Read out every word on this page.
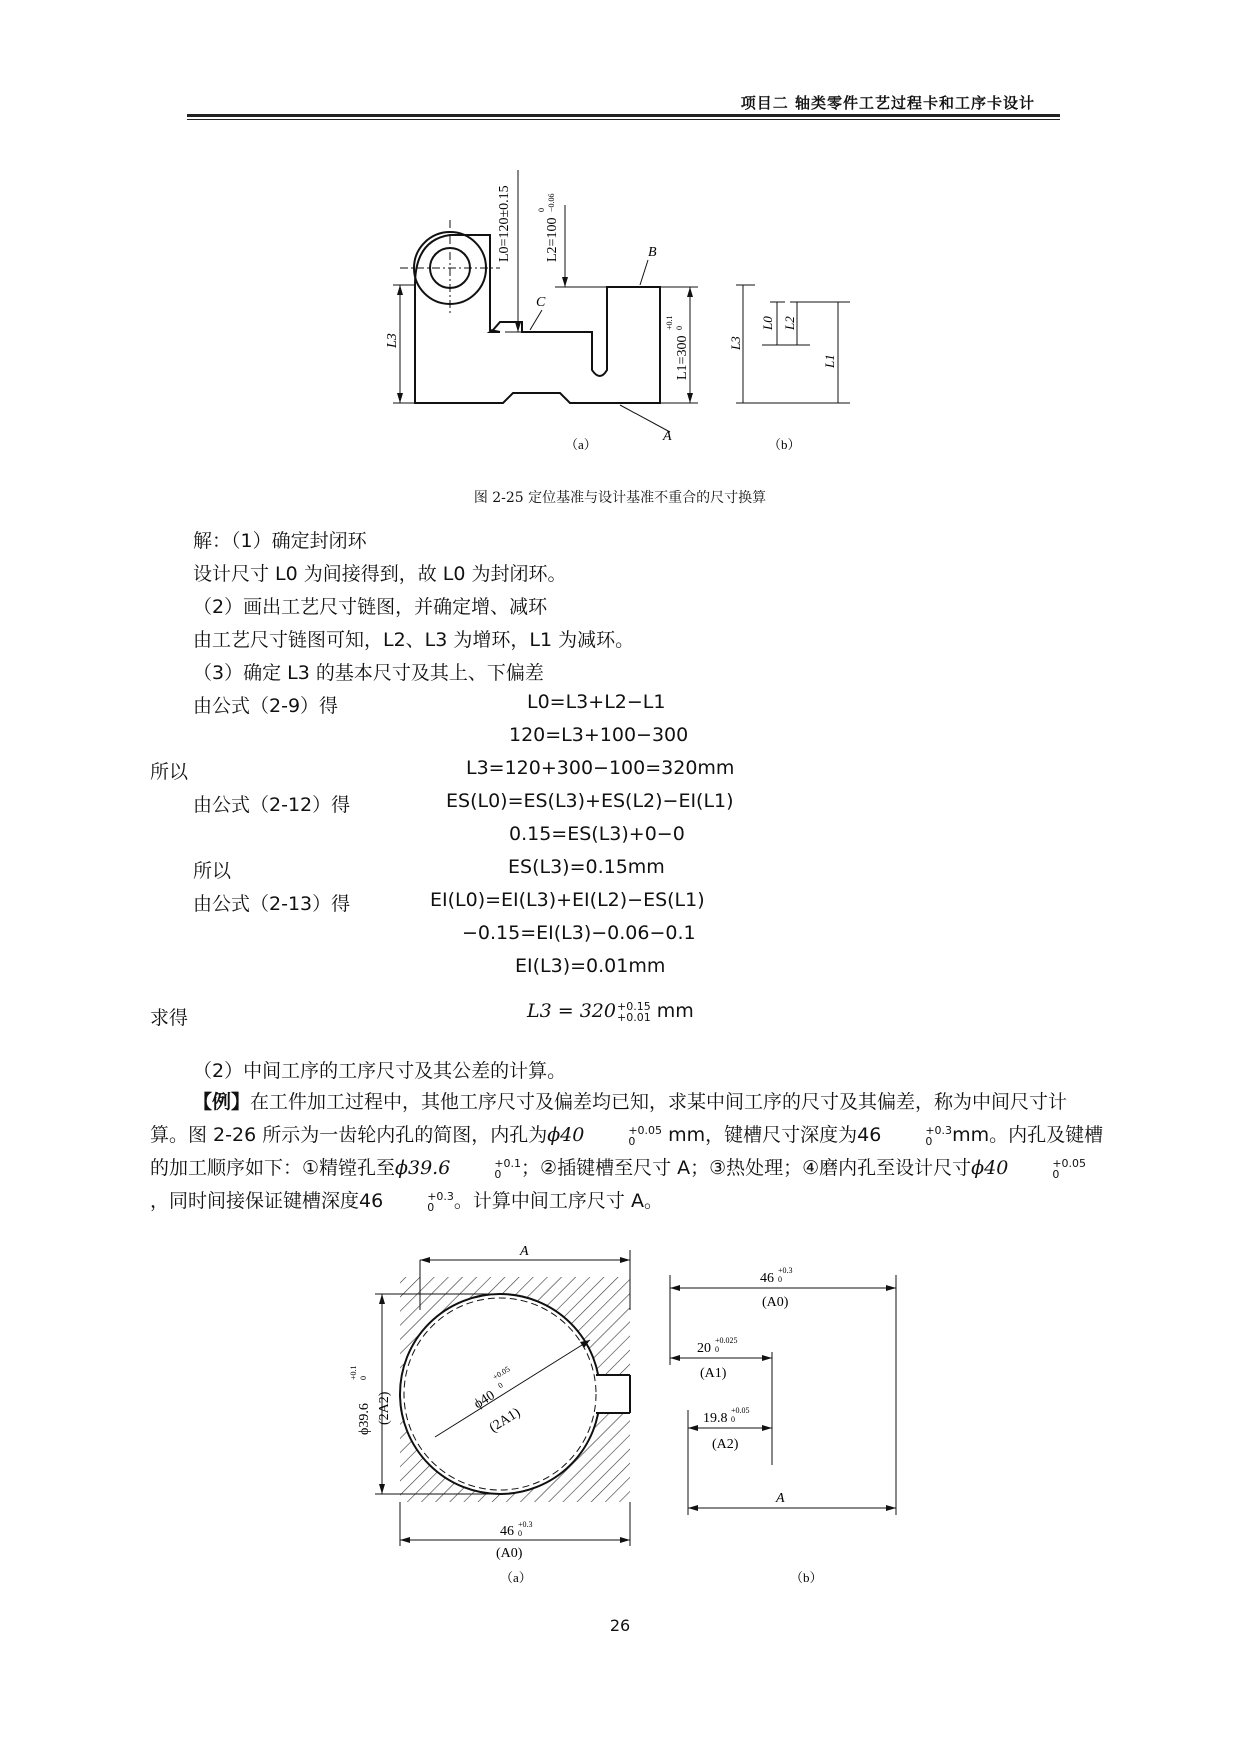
项目二 轴类零件工艺过程卡和工序卡设计
L3
L0=120±0.15 L2=100
0 −0.06
L1=300
+0.1 0
B
C
A
（a）
L3
L0 L2
L1
（b）
图 2-25 定位基准与设计基准不重合的尺寸换算
解：（1）确定封闭环
设计尺寸 L0 为间接得到，故 L0 为封闭环。
（2）画出工艺尺寸链图，并确定增、减环
由工艺尺寸链图可知，L2、L3 为增环，L1 为减环。
（3）确定 L3 的基本尺寸及其上、下偏差
由公式（2-9）得	L0=L3+L2−L1
120=L3+100−300
所以	L3=120+300−100=320mm
由公式（2-12）得	ES(L0)=ES(L3)+ES(L2)−EI(L1)
0.15=ES(L3)+0−0
所以	ES(L3)=0.15mm
由公式（2-13）得	EI(L0)=EI(L3)+EI(L2)−ES(L1)
−0.15=EI(L3)−0.06−0.1
EI(L3)=0.01mm
求得	L3 = 320 +0.15
+0.01 mm
（2）中间工序的工序尺寸及其公差的计算。
【例】在工件加工过程中，其他工序尺寸及偏差均已知，求某中间工序的尺寸及其偏差，称为中间尺寸计算。图 2-26 所示为一齿轮内孔的简图，内孔为ϕ40	+0.05
0	mm，键槽尺寸深度为46	+0.3
0	mm。内孔及键槽的加工顺序如下：①精镗孔至ϕ39.6	+0.1
0	；②插键槽至尺寸 A；③热处理；④磨内孔至设计尺寸ϕ40	+0.05
0
，同时间接保证键槽深度46	+0.3
0	。计算中间工序尺寸 A。
A
ϕ39.6
+0.1 0
(2A2)	ϕ40
+0.05
0
(2A1)
46 +0.3
0
(A0)
（a）
46
+0.3
0
(A0)
20
+0.025
0
(A1)
19.8
+0.05
0
(A2)
A
（b）
26
